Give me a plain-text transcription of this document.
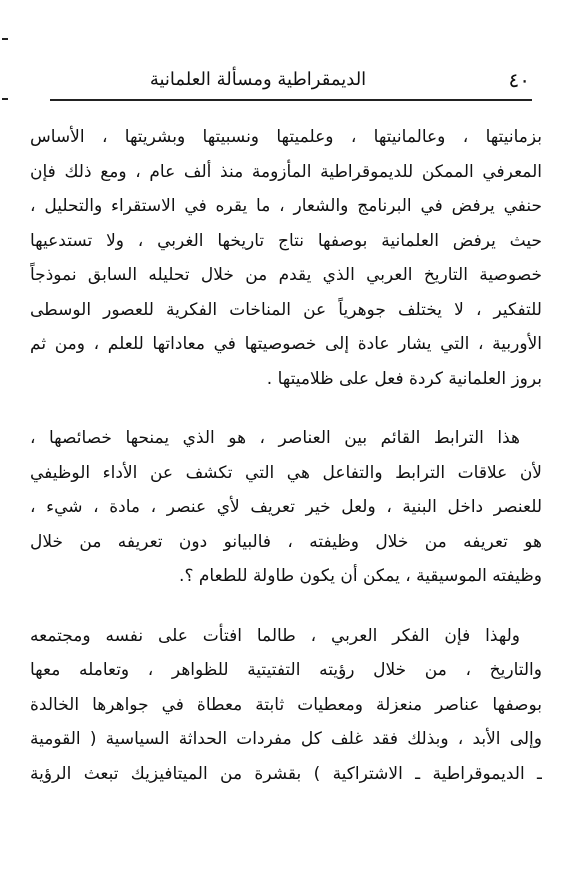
٤٠
الديمقراطية ومسألة العلمانية
بزمانيتها ، وعالمانيتها ، وعلميتها ونسبيتها وبشريتها ، الأساس
المعرفي الممكن للديموقراطية المأزومة منذ ألف عام ، ومع ذلك فإن
حنفي يرفض في البرنامج والشعار ، ما يقره في الاستقراء والتحليل ،
حيث يرفض العلمانية بوصفها نتاج تاريخها الغربي ، ولا تستدعيها
خصوصية التاريخ العربي الذي يقدم من خلال تحليله السابق نموذجاً
للتفكير ، لا يختلف جوهرياً عن المناخات الفكرية للعصور الوسطى
الأوربية ، التي يشار عادة إلى خصوصيتها في معاداتها للعلم ، ومن ثم
بروز العلمانية كردة فعل على ظلاميتها .
هذا الترابط القائم بين العناصر ، هو الذي يمنحها خصائصها ،
لأن علاقات الترابط والتفاعل هي التي تكشف عن الأداء الوظيفي
للعنصر داخل البنية ، ولعل خير تعريف لأي عنصر ، مادة ، شيء ،
هو تعريفه من خلال وظيفته ، فالبيانو دون تعريفه من خلال
وظيفته الموسيقية ، يمكن أن يكون طاولة للطعام ؟.
ولهذا فإن الفكر العربي ، طالما افتأت على نفسه ومجتمعه
والتاريخ ، من خلال رؤيته التفتيتية للظواهر ، وتعامله معها
بوصفها عناصر منعزلة ومعطيات ثابتة معطاة في جواهرها الخالدة
وإلى الأبد ، وبذلك فقد غلف كل مفردات الحداثة السياسية ( القومية
ـ الديموقراطية ـ الاشتراكية ) بقشرة من الميتافيزيك تبعث الرؤية
